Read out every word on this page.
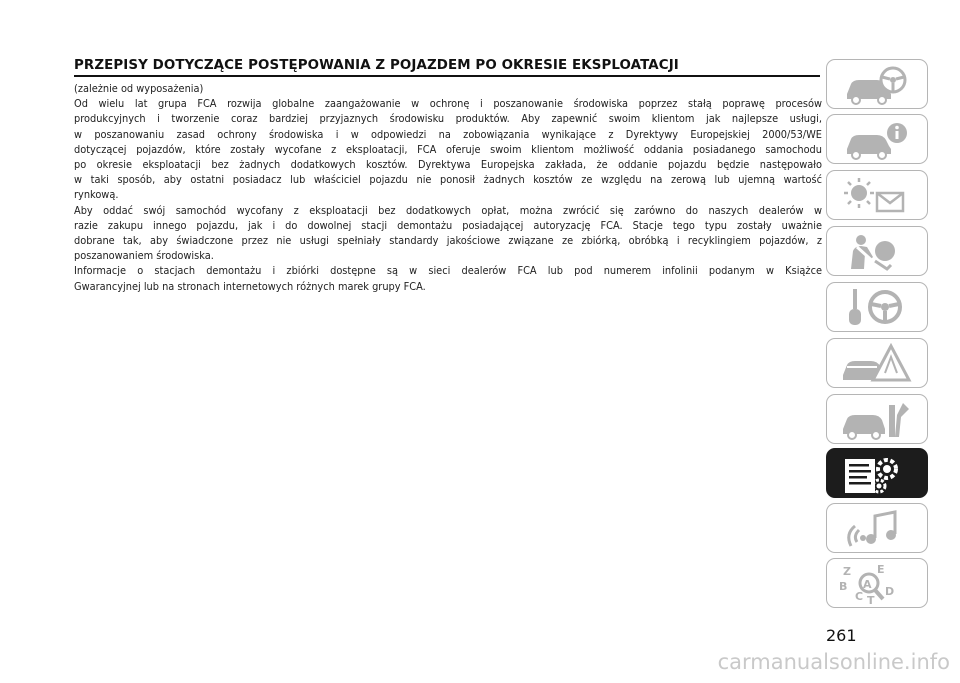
PRZEPISY DOTYCZĄCE POSTĘPOWANIA Z POJAZDEM PO OKRESIE EKSPLOATACJI
(zależnie od wyposażenia)
Od wielu lat grupa FCA rozwija globalne zaangażowanie w ochronę i poszanowanie środowiska poprzez stałą poprawę procesów
produkcyjnych i tworzenie coraz bardziej przyjaznych środowisku produktów. Aby zapewnić swoim klientom jak najlepsze usługi,
w poszanowaniu zasad ochrony środowiska i w odpowiedzi na zobowiązania wynikające z Dyrektywy Europejskiej 2000/53/WE
dotyczącej pojazdów, które zostały wycofane z eksploatacji, FCA oferuje swoim klientom możliwość oddania posiadanego samochodu
po okresie eksploatacji bez żadnych dodatkowych kosztów. Dyrektywa Europejska zakłada, że oddanie pojazdu będzie następowało
w taki sposób, aby ostatni posiadacz lub właściciel pojazdu nie ponosił żadnych kosztów ze względu na zerową lub ujemną wartość
rynkową.
Aby oddać swój samochód wycofany z eksploatacji bez dodatkowych opłat, można zwrócić się zarówno do naszych dealerów w
razie zakupu innego pojazdu, jak i do dowolnej stacji demontażu posiadającej autoryzację FCA. Stacje tego typu zostały uważnie
dobrane tak, aby świadczone przez nie usługi spełniały standardy jakościowe związane ze zbiórką, obróbką i recyklingiem pojazdów, z
poszanowaniem środowiska.
Informacje o stacjach demontażu i zbiórki dostępne są w sieci dealerów FCA lub pod numerem infolinii podanym w Książce
Gwarancyjnej lub na stronach internetowych różnych marek grupy FCA.
Z E
B A
C D
T
261
carmanualsonline.info
